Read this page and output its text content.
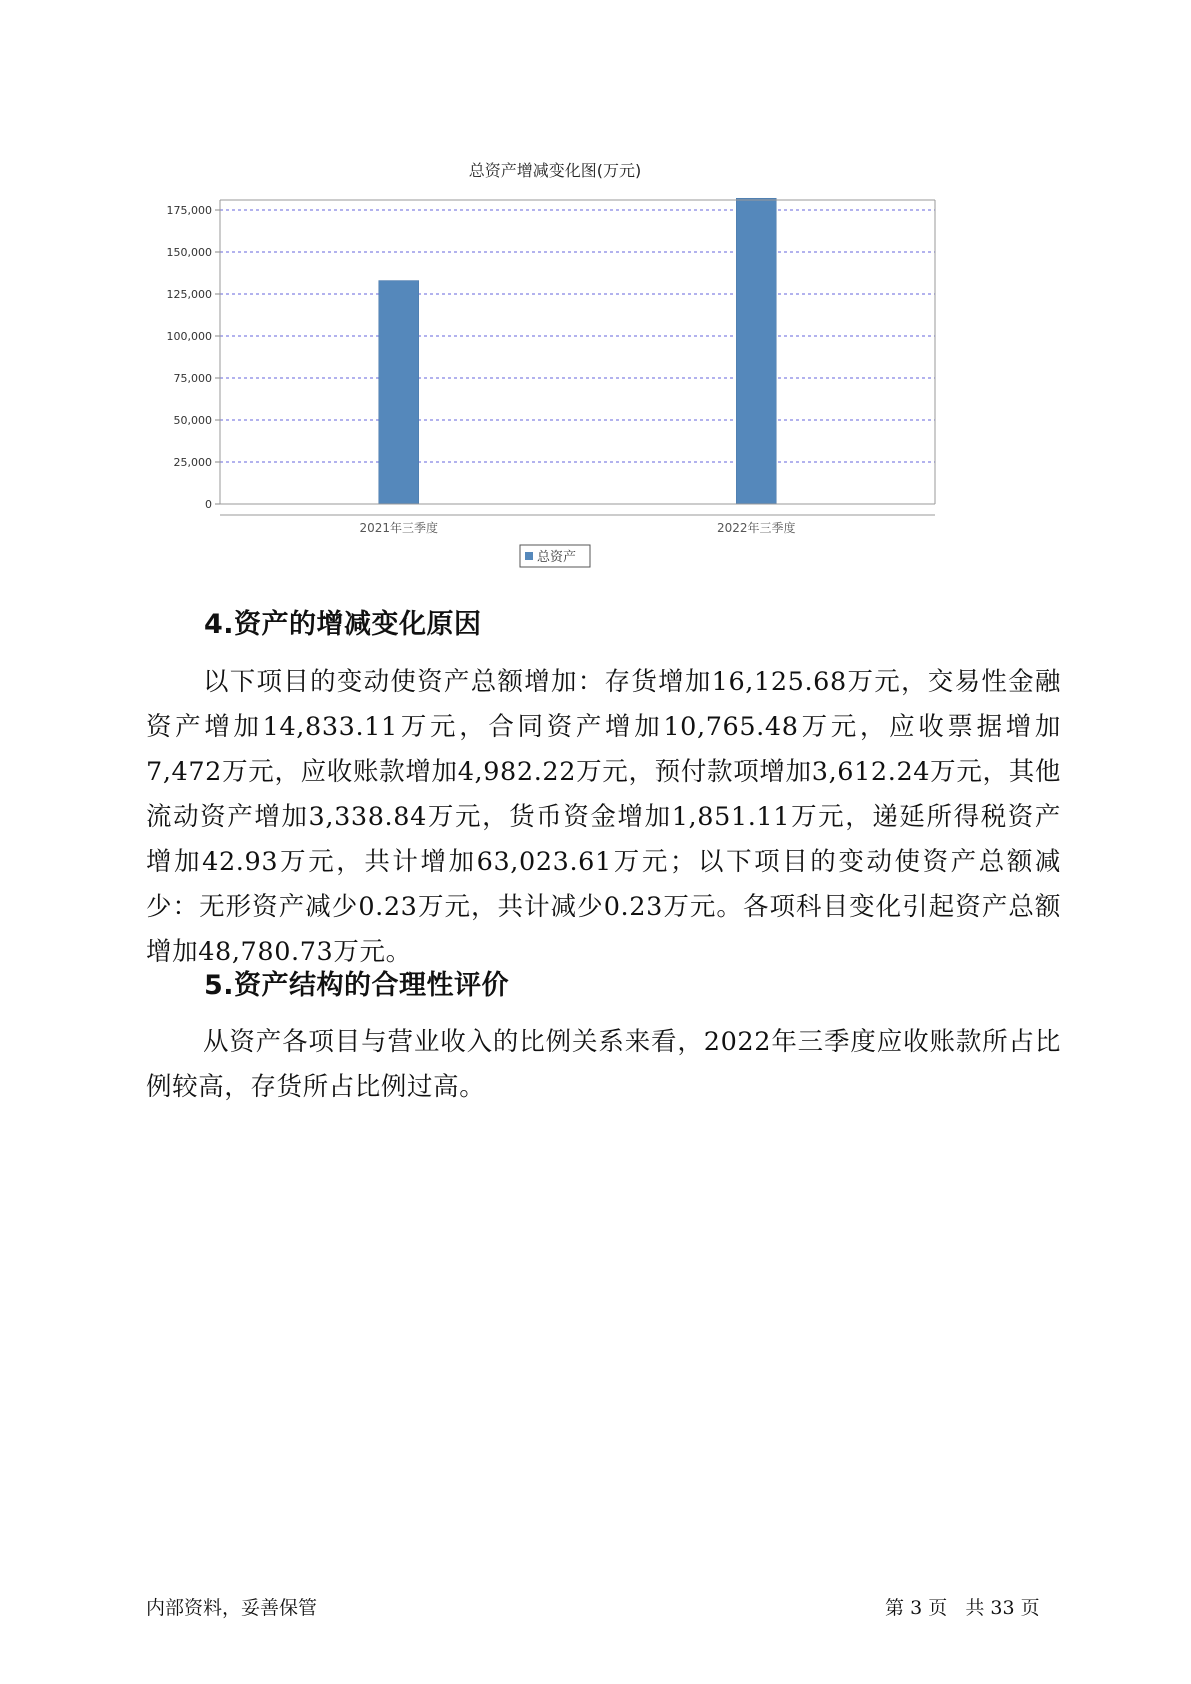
总资产增减变化图(万元)
0
25,000
50,000
75,000
100,000
125,000
150,000
175,000
2021年三季度	2022年三季度
总资产
4.资产的增减变化原因

以下项目的变动使资产总额增加：存货增加16,125.68万元，交易性金融资产增加14,833.11万元，合同资产增加10,765.48万元，应收票据增加7,472万元，应收账款增加4,982.22万元，预付款项增加3,612.24万元，其他流动资产增加3,338.84万元，货币资金增加1,851.11万元，递延所得税资产增加42.93万元，共计增加63,023.61万元；以下项目的变动使资产总额减少：无形资产减少0.23万元，共计减少0.23万元。各项科目变化引起资产总额增加48,780.73万元。

5.资产结构的合理性评价

从资产各项目与营业收入的比例关系来看，2022年三季度应收账款所占比例较高，存货所占比例过高。

内部资料，妥善保管	第 3 页 共 33 页
